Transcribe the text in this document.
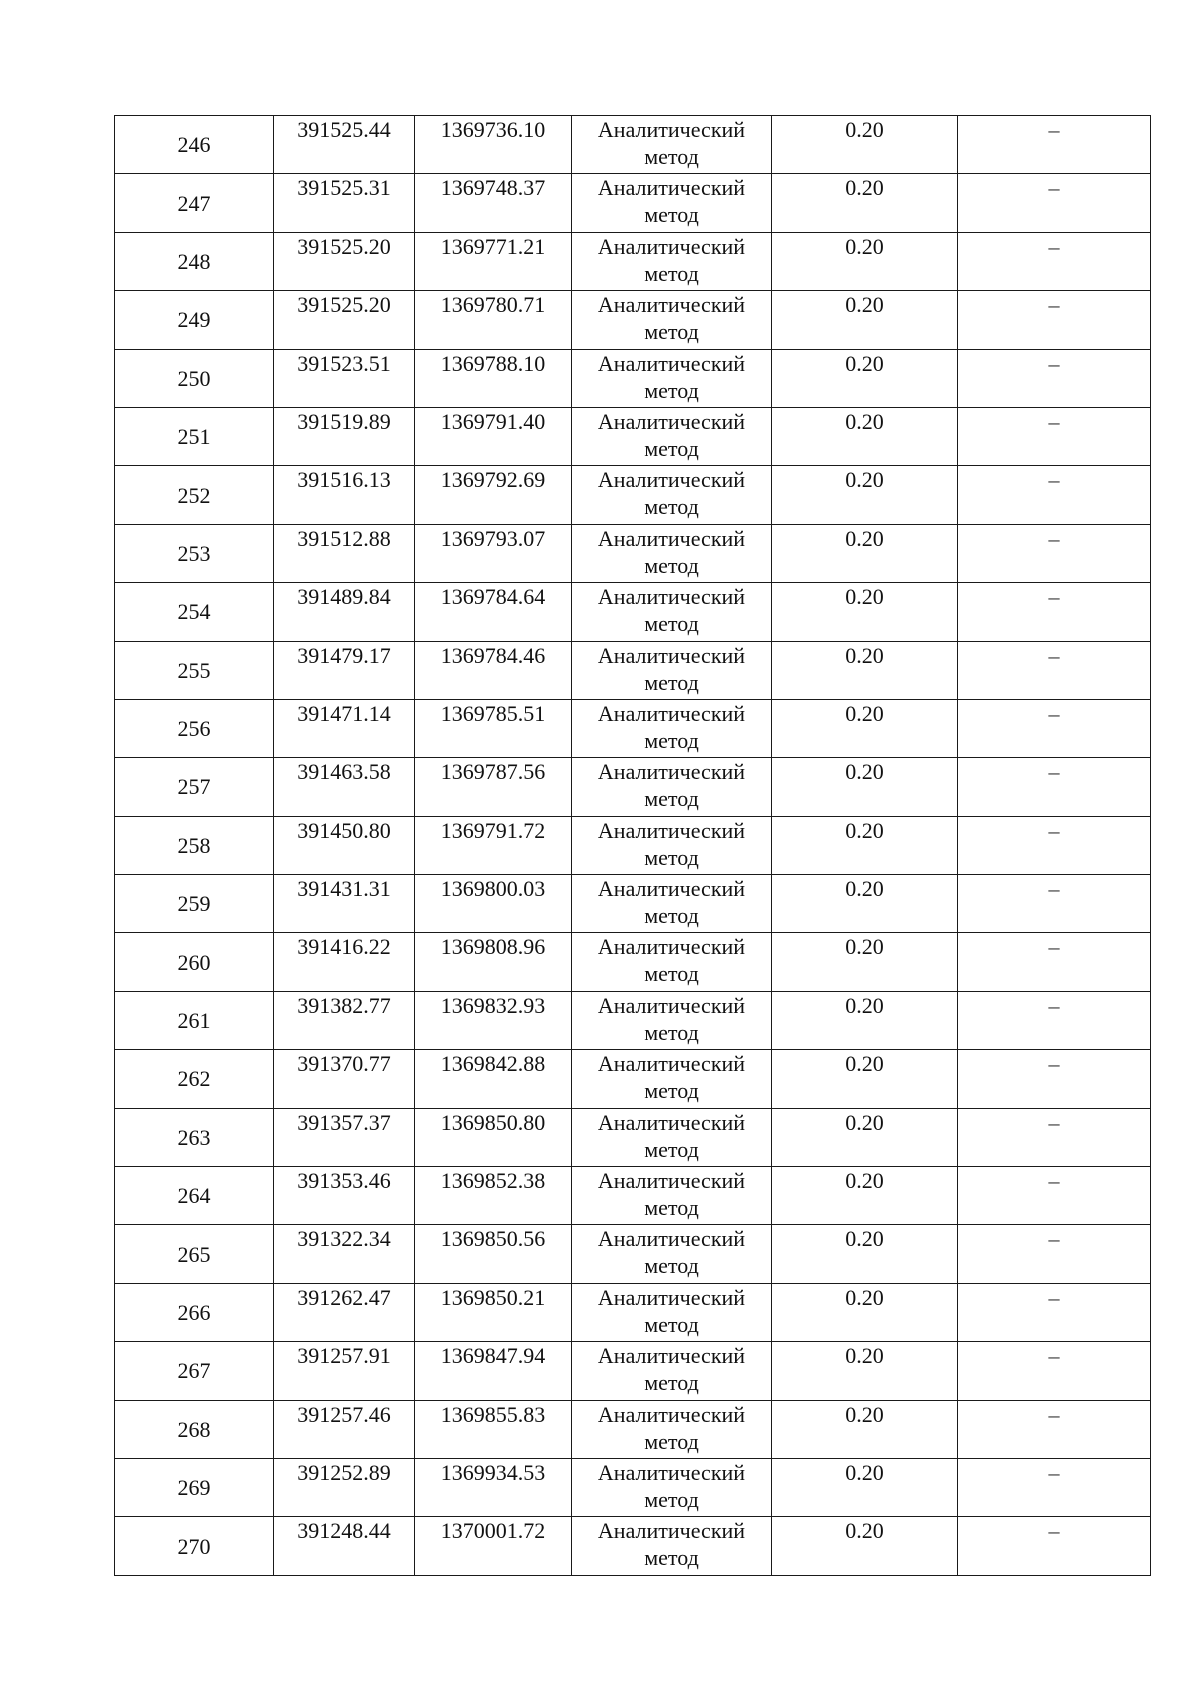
246	391525.44	1369736.10	Аналитический метод	0.20	–
247	391525.31	1369748.37	Аналитический метод	0.20	–
248	391525.20	1369771.21	Аналитический метод	0.20	–
249	391525.20	1369780.71	Аналитический метод	0.20	–
250	391523.51	1369788.10	Аналитический метод	0.20	–
251	391519.89	1369791.40	Аналитический метод	0.20	–
252	391516.13	1369792.69	Аналитический метод	0.20	–
253	391512.88	1369793.07	Аналитический метод	0.20	–
254	391489.84	1369784.64	Аналитический метод	0.20	–
255	391479.17	1369784.46	Аналитический метод	0.20	–
256	391471.14	1369785.51	Аналитический метод	0.20	–
257	391463.58	1369787.56	Аналитический метод	0.20	–
258	391450.80	1369791.72	Аналитический метод	0.20	–
259	391431.31	1369800.03	Аналитический метод	0.20	–
260	391416.22	1369808.96	Аналитический метод	0.20	–
261	391382.77	1369832.93	Аналитический метод	0.20	–
262	391370.77	1369842.88	Аналитический метод	0.20	–
263	391357.37	1369850.80	Аналитический метод	0.20	–
264	391353.46	1369852.38	Аналитический метод	0.20	–
265	391322.34	1369850.56	Аналитический метод	0.20	–
266	391262.47	1369850.21	Аналитический метод	0.20	–
267	391257.91	1369847.94	Аналитический метод	0.20	–
268	391257.46	1369855.83	Аналитический метод	0.20	–
269	391252.89	1369934.53	Аналитический метод	0.20	–
270	391248.44	1370001.72	Аналитический метод	0.20	–
